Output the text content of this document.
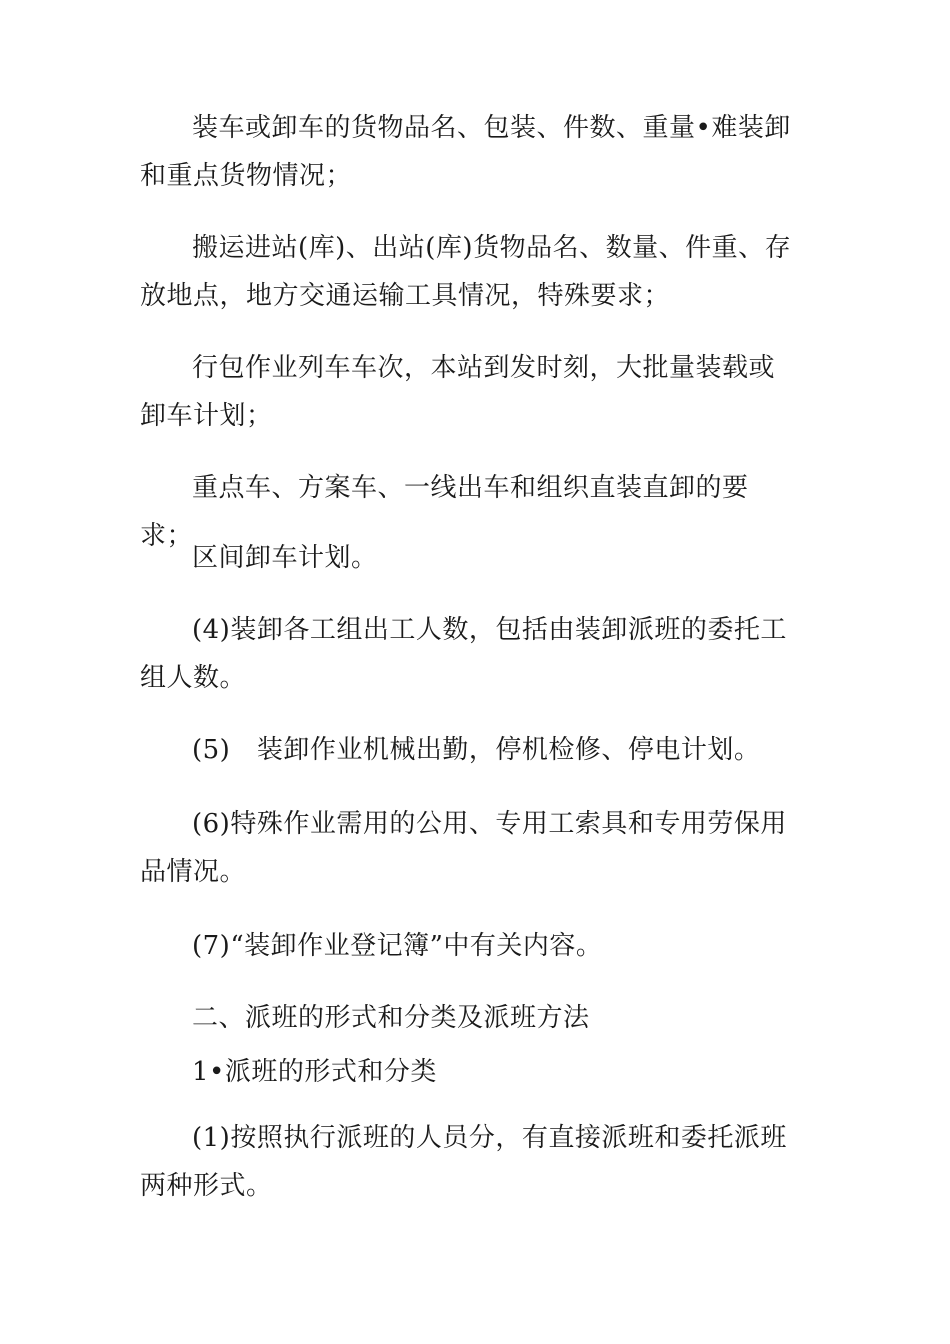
装车或卸车的货物品名、包装、件数、重量•难装卸和重点货物情况；

搬运进站(库)、出站(库)货物品名、数量、件重、存放地点，地方交通运输工具情况，特殊要求；

行包作业列车车次，本站到发时刻，大批量装载或卸车计划；

重点车、方案车、一线出车和组织直装直卸的要求；

区间卸车计划。

(4)装卸各工组出工人数，包括由装卸派班的委托工组人数。

(5)　装卸作业机械出勤，停机检修、停电计划。

(6)特殊作业需用的公用、专用工索具和专用劳保用品情况。

(7)“装卸作业登记簿”中有关内容。

二、派班的形式和分类及派班方法

1•派班的形式和分类

(1)按照执行派班的人员分，有直接派班和委托派班两种形式。
